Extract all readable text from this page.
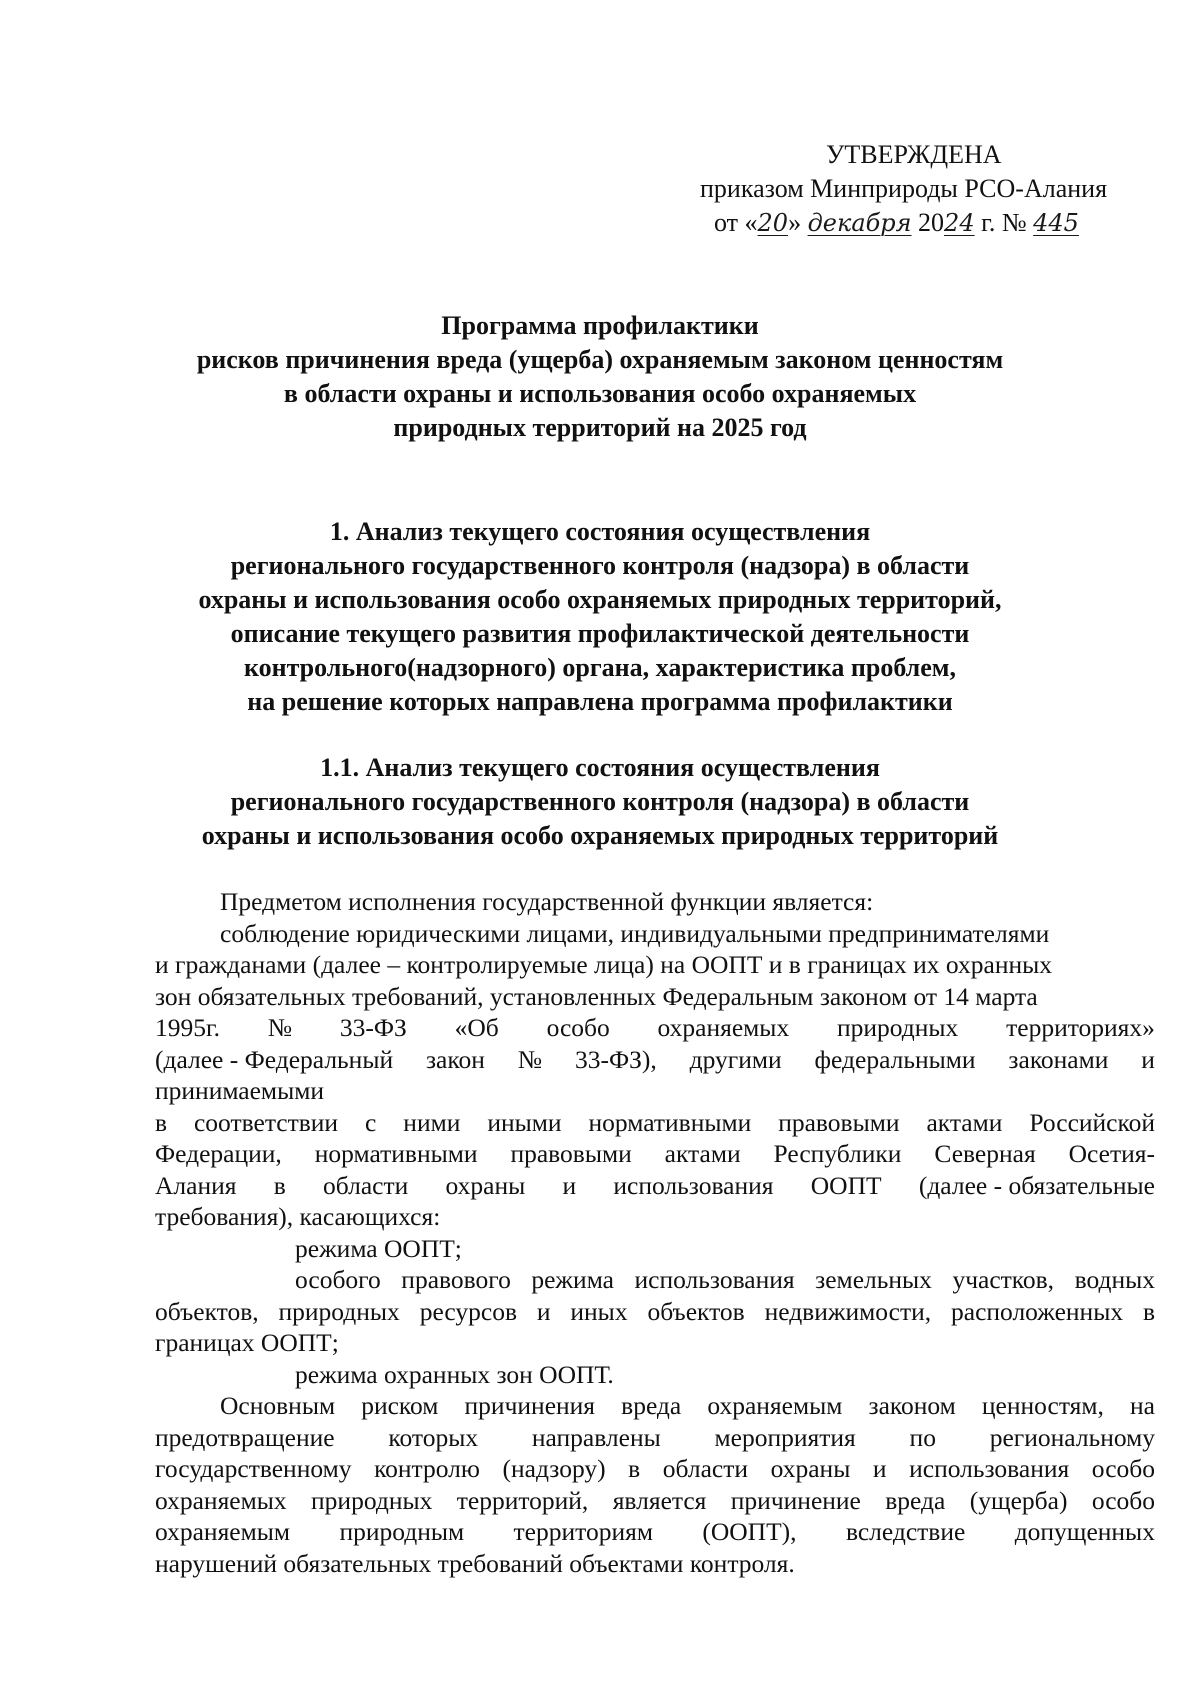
УТВЕРЖДЕНА
приказом Минприроды РСО-Алания
от «20» декабря 2024 г. № 445
Программа профилактики
рисков причинения вреда (ущерба) охраняемым законом ценностям
в области охраны и использования особо охраняемых
природных территорий на 2025 год
1. Анализ текущего состояния осуществления
регионального государственного контроля (надзора) в области
охраны и использования особо охраняемых природных территорий,
описание текущего развития профилактической деятельности
контрольного(надзорного) органа, характеристика проблем,
на решение которых направлена программа профилактики
1.1. Анализ текущего состояния осуществления
регионального государственного контроля (надзора) в области
охраны и использования особо охраняемых природных территорий

Предметом исполнения государственной функции является:

соблюдение юридическими лицами, индивидуальными предпринимателями
и гражданами (далее – контролируемые лица) на ООПТ и в границах их охранных
зон обязательных требований, установленных Федеральным законом от 14 марта
1995г. № 33-ФЗ «Об особо охраняемых природных территориях»
(далее - Федеральный закон № 33-ФЗ), другими федеральными законами и
принимаемыми
в соответствии с ними иными нормативными правовыми актами Российской
Федерации, нормативными правовыми актами Республики Северная Осетия-
Алания в области охраны и использования ООПТ (далее - обязательные
требования), касающихся:
режима ООПТ;
особого правового режима использования земельных участков, водных
объектов, природных ресурсов и иных объектов недвижимости, расположенных в
границах ООПТ;
режима охранных зон ООПТ.
Основным риском причинения вреда охраняемым законом ценностям, на
предотвращение которых направлены мероприятия по региональному
государственному контролю (надзору) в области охраны и использования особо
охраняемых природных территорий, является причинение вреда (ущерба) особо
охраняемым природным территориям (ООПТ), вследствие допущенных
нарушений обязательных требований объектами контроля.
